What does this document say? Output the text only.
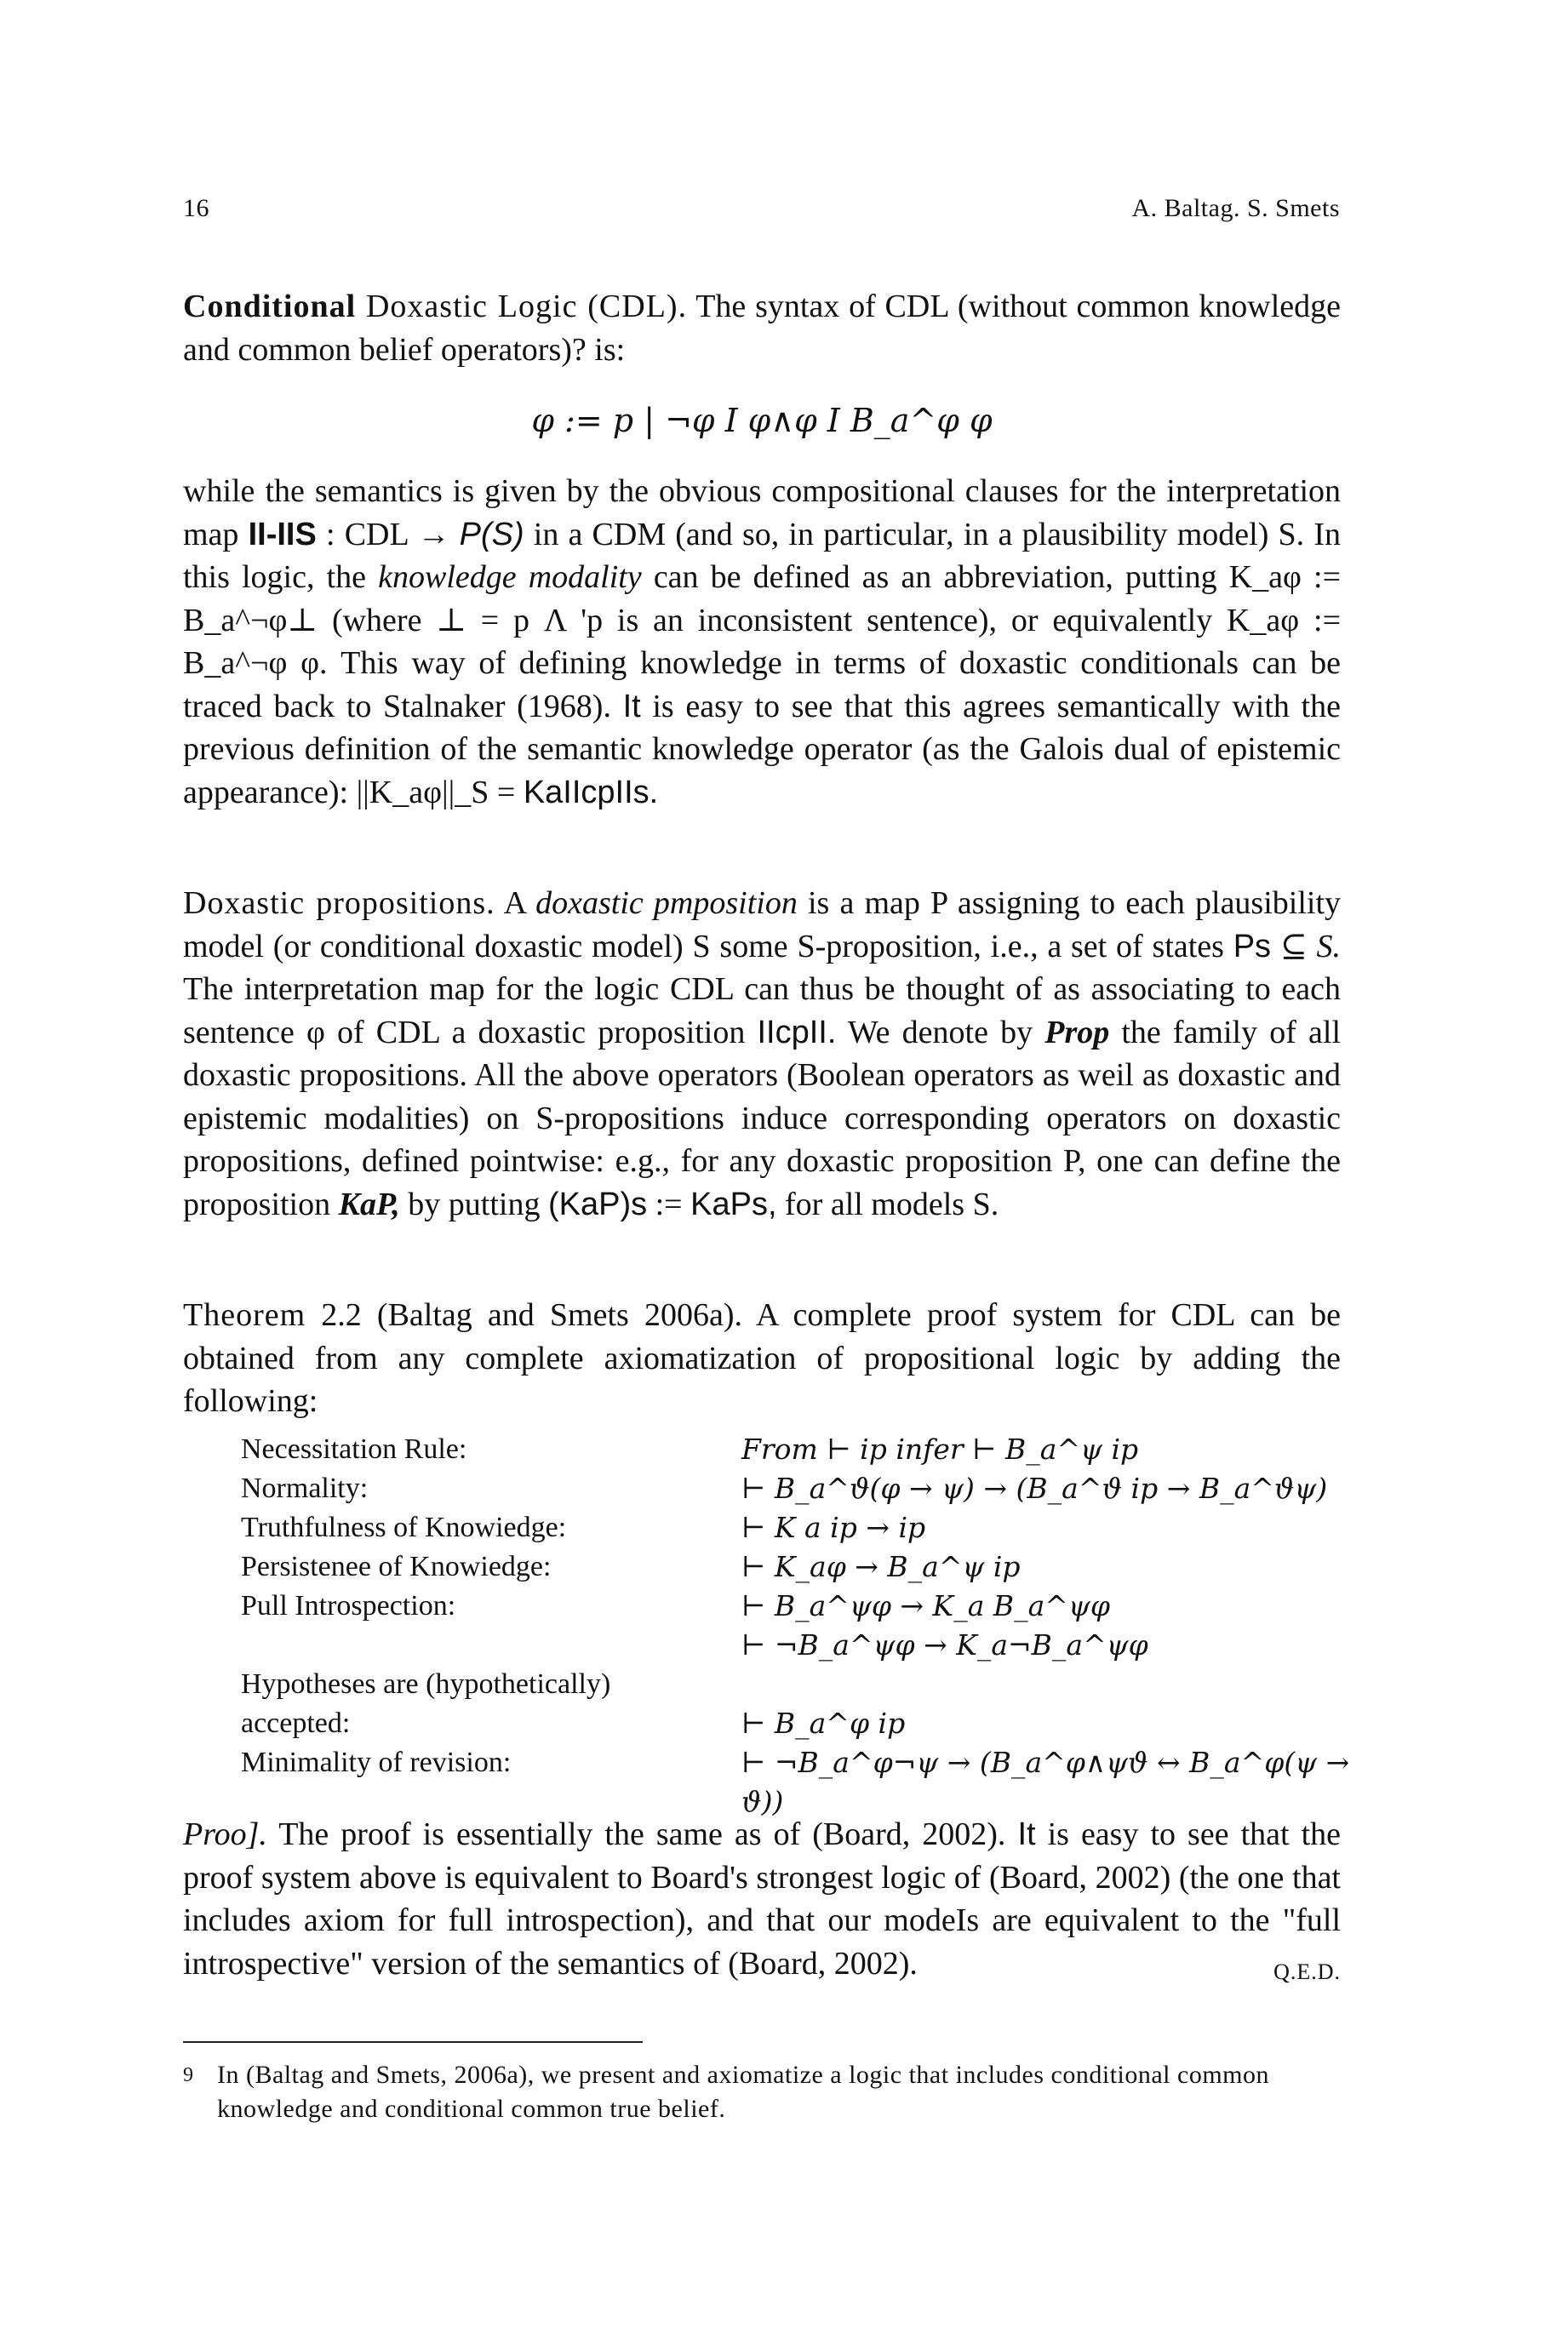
16	A. Baltag. S. Smets

Conditional Doxastic Logic (CDL). The syntax of CDL (without common knowledge and common belief operators)? is:

φ := p | ¬φ I φ∧φ I B_a^φ φ

while the semantics is given by the obvious compositional clauses for the interpretation map II-IIS : CDL → P(S) in a CDM (and so, in particular, in a plausibility model) S. In this logic, the knowledge modality can be defined as an abbreviation, putting K_aφ := B_a^¬φ⊥ (where ⊥ = p Λ 'p is an inconsistent sentence), or equivalently K_aφ := B_a^¬φ φ. This way of defining knowledge in terms of doxastic conditionals can be traced back to Stalnaker (1968). It is easy to see that this agrees semantically with the previous definition of the semantic knowledge operator (as the Galois dual of epistemic appearance): ||K_aφ||_S = KaIIcpIIs.

Doxastic propositions. A doxastic pmposition is a map P assigning to each plausibility model (or conditional doxastic model) S some S-proposition, i.e., a set of states Ps ⊆ S. The interpretation map for the logic CDL can thus be thought of as associating to each sentence φ of CDL a doxastic proposition IIcpII. We denote by Prop the family of all doxastic propositions. All the above operators (Boolean operators as weil as doxastic and epistemic modalities) on S-propositions induce corresponding operators on doxastic propositions, defined pointwise: e.g., for any doxastic proposition P, one can define the proposition KaP, by putting (KaP)s := KaPs, for all models S.

Theorem 2.2 (Baltag and Smets 2006a). A complete proof system for CDL can be obtained from any complete axiomatization of propositional logic by adding the following:

Necessitation Rule:	From ⊢ ip infer ⊢ B_a^ψ ip
Normality:	⊢ B_a^ϑ(φ → ψ) → (B_a^ϑ ip → B_a^ϑψ)
Truthfulness of Knowiedge:	⊢ K a ip → ip
Persistenee of Knowiedge:	⊢ K_aφ → B_a^ψ ip
Pull Introspection:	⊢ B_a^ψφ → K_a B_a^ψφ
⊢ ¬B_a^ψφ → K_a¬B_a^ψφ
Hypotheses are (hypothetically)
accepted:	⊢ B_a^φ ip
Minimality of revision:	⊢ ¬B_a^φ¬ψ → (B_a^φ∧ψϑ ↔ B_a^φ(ψ → ϑ))

Proo]. The proof is essentially the same as of (Board, 2002). It is easy to see that the proof system above is equivalent to Board's strongest logic of (Board, 2002) (the one that includes axiom for full introspection), and that our modeIs are equivalent to the "full introspective" version of the semantics of (Board, 2002).	Q.E.D.

9 In (Baltag and Smets, 2006a), we present and axiomatize a logic that includes conditional common knowledge and conditional common true belief.
